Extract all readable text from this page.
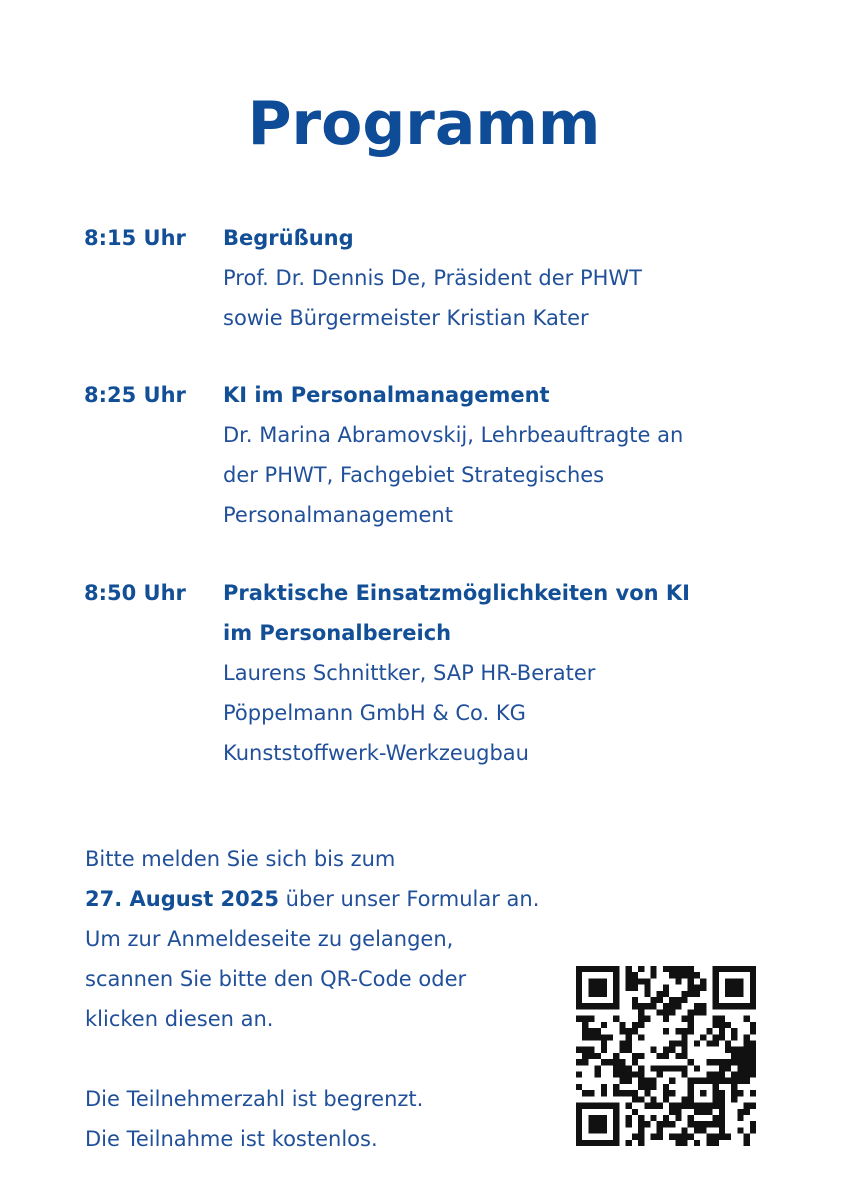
Programm
8:15 Uhr Begrüßung
Prof. Dr. Dennis De, Präsident der PHWT
sowie Bürgermeister Kristian Kater
8:25 Uhr KI im Personalmanagement
Dr. Marina Abramovskij, Lehrbeauftragte an
der PHWT, Fachgebiet Strategisches
Personalmanagement
8:50 Uhr Praktische Einsatzmöglichkeiten von KI
im Personalbereich
Laurens Schnittker, SAP HR-Berater
Pöppelmann GmbH & Co. KG
Kunststoffwerk-Werkzeugbau
Bitte melden Sie sich bis zum
27. August 2025 über unser Formular an.
Um zur Anmeldeseite zu gelangen,
scannen Sie bitte den QR-Code oder
klicken diesen an.
Die Teilnehmerzahl ist begrenzt.
Die Teilnahme ist kostenlos.
